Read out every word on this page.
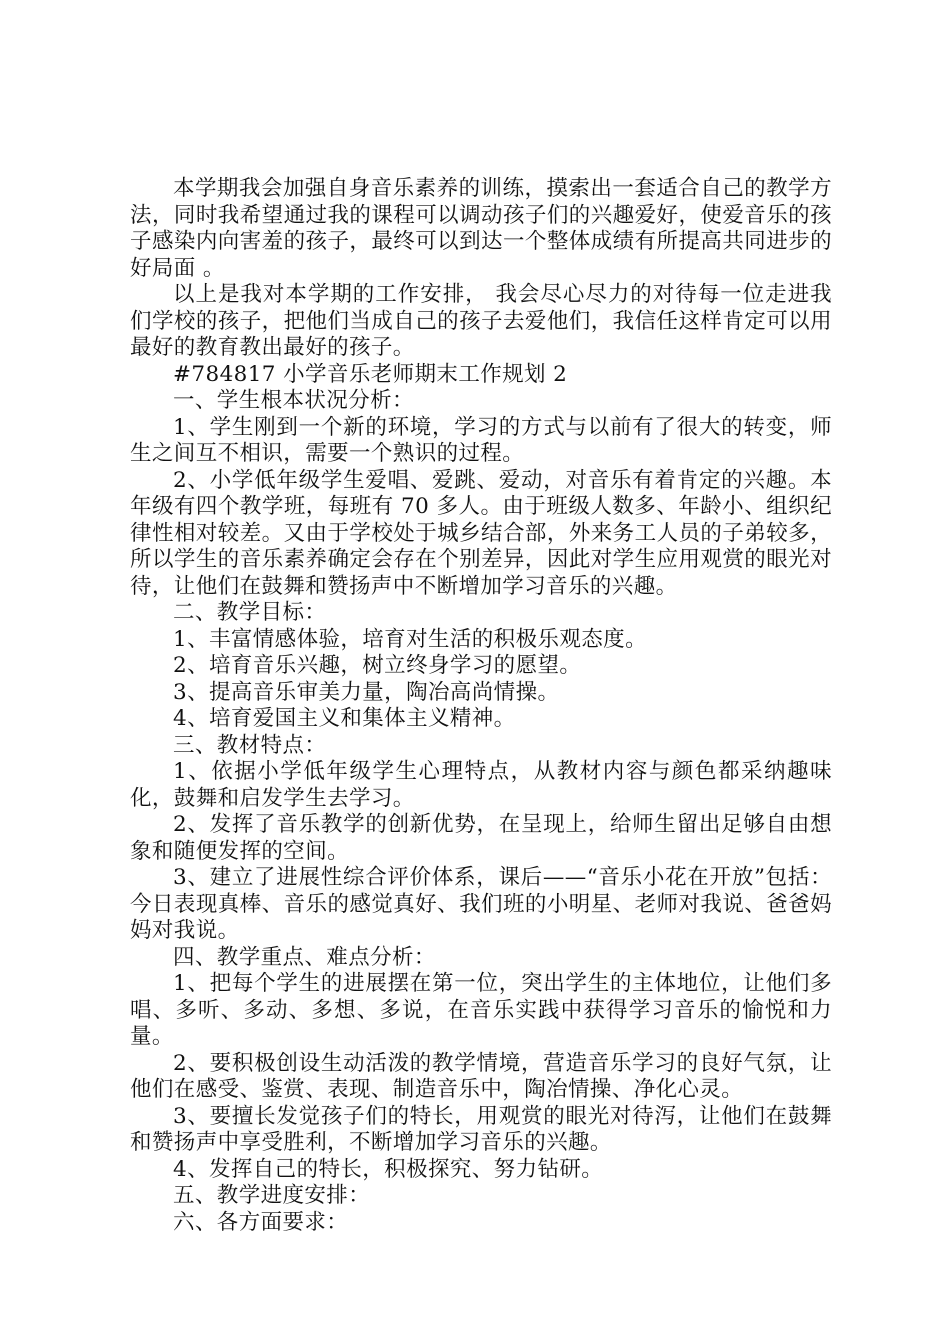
本学期我会加强自身音乐素养的训练，摸索出一套适合自己的教学方法，同时我希望通过我的课程可以调动孩子们的兴趣爱好，使爱音乐的孩子感染内向害羞的孩子，最终可以到达一个整体成绩有所提高共同进步的好局面 。

以上是我对本学期的工作安排， 我会尽心尽力的对待每一位走进我们学校的孩子，把他们当成自己的孩子去爱他们，我信任这样肯定可以用最好的教育教出最好的孩子。

#784817 小学音乐老师期末工作规划 2

一、学生根本状况分析：

1、学生刚到一个新的环境，学习的方式与以前有了很大的转变，师生之间互不相识，需要一个熟识的过程。

2、小学低年级学生爱唱、爱跳、爱动，对音乐有着肯定的兴趣。本年级有四个教学班，每班有 70 多人。由于班级人数多、年龄小、组织纪律性相对较差。又由于学校处于城乡结合部，外来务工人员的子弟较多，所以学生的音乐素养确定会存在个别差异，因此对学生应用观赏的眼光对待，让他们在鼓舞和赞扬声中不断增加学习音乐的兴趣。

二、教学目标：

1、丰富情感体验，培育对生活的积极乐观态度。

2、培育音乐兴趣，树立终身学习的愿望。

3、提高音乐审美力量，陶冶高尚情操。

4、培育爱国主义和集体主义精神。

三、教材特点：

1、依据小学低年级学生心理特点，从教材内容与颜色都采纳趣味化，鼓舞和启发学生去学习。

2、发挥了音乐教学的创新优势，在呈现上，给师生留出足够自由想象和随便发挥的空间。

3、建立了进展性综合评价体系，课后——“音乐小花在开放”包括：今日表现真棒、音乐的感觉真好、我们班的小明星、老师对我说、爸爸妈妈对我说。

四、教学重点、难点分析：

1、把每个学生的进展摆在第一位，突出学生的主体地位，让他们多唱、多听、多动、多想、多说，在音乐实践中获得学习音乐的愉悦和力量。

2、要积极创设生动活泼的教学情境，营造音乐学习的良好气氛，让他们在感受、鉴赏、表现、制造音乐中，陶冶情操、净化心灵。

3、要擅长发觉孩子们的特长，用观赏的眼光对待泻，让他们在鼓舞和赞扬声中享受胜利，不断增加学习音乐的兴趣。

4、发挥自己的特长，积极探究、努力钻研。

五、教学进度安排：

六、各方面要求：
